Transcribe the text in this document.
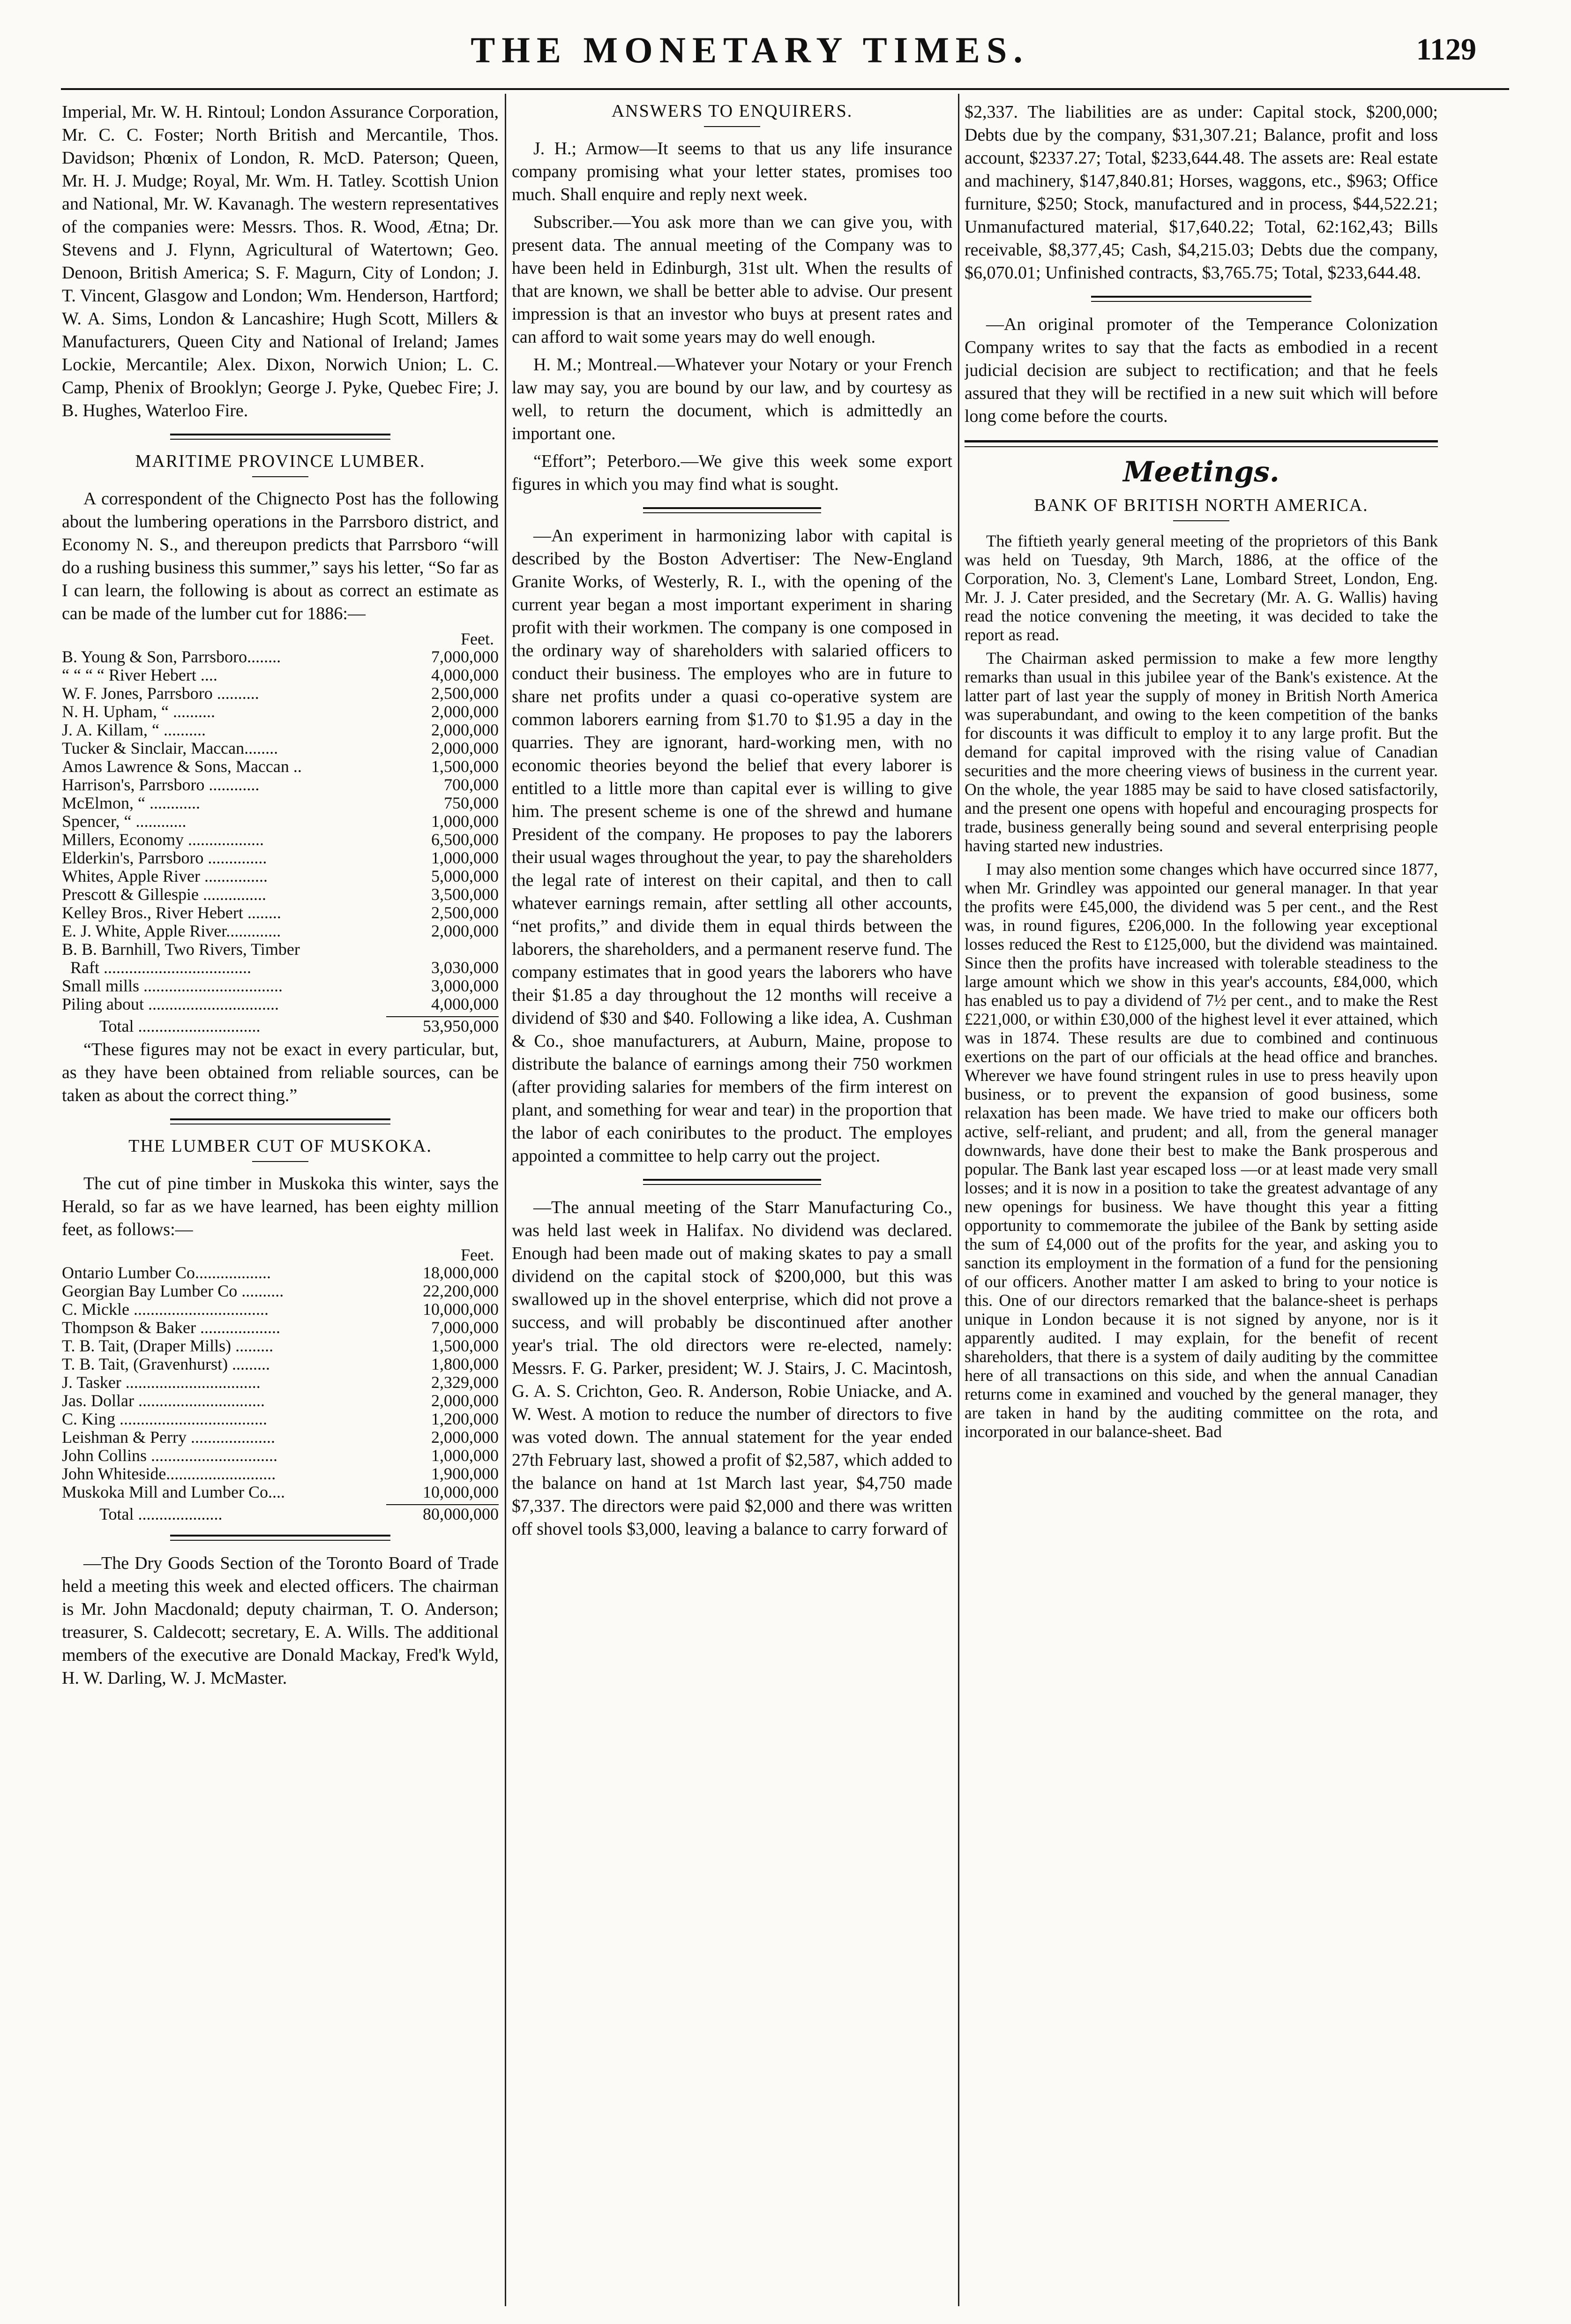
THE MONETARY TIMES.	1129

Imperial, Mr. W. H. Rintoul; London Assurance Corporation, Mr. C. C. Foster; North British and Mercantile, Thos. Davidson; Phœnix of London, R. McD. Paterson; Queen, Mr. H. J. Mudge; Royal, Mr. Wm. H. Tatley. Scottish Union and National, Mr. W. Kavanagh. The western representatives of the companies were: Messrs. Thos. R. Wood, Ætna; Dr. Stevens and J. Flynn, Agricultural of Watertown; Geo. Denoon, British America; S. F. Magurn, City of London; J. T. Vincent, Glasgow and London; Wm. Henderson, Hartford; W. A. Sims, London & Lancashire; Hugh Scott, Millers & Manufacturers, Queen City and National of Ireland; James Lockie, Mercantile; Alex. Dixon, Norwich Union; L. C. Camp, Phenix of Brooklyn; George J. Pyke, Quebec Fire; J. B. Hughes, Waterloo Fire.

MARITIME PROVINCE LUMBER.

A correspondent of the Chignecto Post has the following about the lumbering operations in the Parrsboro district, and Economy N. S., and thereupon predicts that Parrsboro “will do a rushing business this summer,” says his letter, “So far as I can learn, the following is about as correct an estimate as can be made of the lumber cut for 1886:—

Feet.
B. Young & Son, Parrsboro........	7,000,000
“ “ “ “ River Hebert ....	4,000,000
W. F. Jones, Parrsboro ..........	2,500,000
N. H. Upham, “ ..........	2,000,000
J. A. Killam, “ ..........	2,000,000
Tucker & Sinclair, Maccan........	2,000,000
Amos Lawrence & Sons, Maccan ..	1,500,000
Harrison's, Parrsboro ............	700,000
McElmon, “ ............	750,000
Spencer, “ ............	1,000,000
Millers, Economy ..................	6,500,000
Elderkin's, Parrsboro ..............	1,000,000
Whites, Apple River ...............	5,000,000
Prescott & Gillespie ...............	3,500,000
Kelley Bros., River Hebert ........	2,500,000
E. J. White, Apple River.............	2,000,000
B. B. Barnhill, Two Rivers, Timber	
Raft ...................................	3,030,000
Small mills .................................	3,000,000
Piling about ...............................	4,000,000
Total .............................	53,950,000

“These figures may not be exact in every particular, but, as they have been obtained from reliable sources, can be taken as about the correct thing.”

THE LUMBER CUT OF MUSKOKA.

The cut of pine timber in Muskoka this winter, says the Herald, so far as we have learned, has been eighty million feet, as follows:—

Feet.
Ontario Lumber Co..................	18,000,000
Georgian Bay Lumber Co ..........	22,200,000
C. Mickle ................................	10,000,000
Thompson & Baker ...................	7,000,000
T. B. Tait, (Draper Mills) .........	1,500,000
T. B. Tait, (Gravenhurst) .........	1,800,000
J. Tasker ................................	2,329,000
Jas. Dollar ..............................	2,000,000
C. King ...................................	1,200,000
Leishman & Perry ....................	2,000,000
John Collins ..............................	1,000,000
John Whiteside..........................	1,900,000
Muskoka Mill and Lumber Co....	10,000,000
Total ....................	80,000,000

—The Dry Goods Section of the Toronto Board of Trade held a meeting this week and elected officers. The chairman is Mr. John Macdonald; deputy chairman, T. O. Anderson; treasurer, S. Caldecott; secretary, E. A. Wills. The additional members of the executive are Donald Mackay, Fred'k Wyld, H. W. Darling, W. J. McMaster.

ANSWERS TO ENQUIRERS.

J. H.; Armow—It seems to that us any life insurance company promising what your letter states, promises too much. Shall enquire and reply next week.

Subscriber.—You ask more than we can give you, with present data. The annual meeting of the Company was to have been held in Edinburgh, 31st ult. When the results of that are known, we shall be better able to advise. Our present impression is that an investor who buys at present rates and can afford to wait some years may do well enough.

H. M.; Montreal.—Whatever your Notary or your French law may say, you are bound by our law, and by courtesy as well, to return the document, which is admittedly an important one.

“Effort”; Peterboro.—We give this week some export figures in which you may find what is sought.

—An experiment in harmonizing labor with capital is described by the Boston Advertiser: The New-England Granite Works, of Westerly, R. I., with the opening of the current year began a most important experiment in sharing profit with their workmen. The company is one composed in the ordinary way of shareholders with salaried officers to conduct their business. The employes who are in future to share net profits under a quasi co-operative system are common laborers earning from $1.70 to $1.95 a day in the quarries. They are ignorant, hard-working men, with no economic theories beyond the belief that every laborer is entitled to a little more than capital ever is willing to give him. The present scheme is one of the shrewd and humane President of the company. He proposes to pay the laborers their usual wages throughout the year, to pay the shareholders the legal rate of interest on their capital, and then to call whatever earnings remain, after settling all other accounts, “net profits,” and divide them in equal thirds between the laborers, the shareholders, and a permanent reserve fund. The company estimates that in good years the laborers who have their $1.85 a day throughout the 12 months will receive a dividend of $30 and $40. Following a like idea, A. Cushman & Co., shoe manufacturers, at Auburn, Maine, propose to distribute the balance of earnings among their 750 workmen (after providing salaries for members of the firm interest on plant, and something for wear and tear) in the proportion that the labor of each coniributes to the product. The employes appointed a committee to help carry out the project.

—The annual meeting of the Starr Manufacturing Co., was held last week in Halifax. No dividend was declared. Enough had been made out of making skates to pay a small dividend on the capital stock of $200,000, but this was swallowed up in the shovel enterprise, which did not prove a success, and will probably be discontinued after another year's trial. The old directors were re-elected, namely: Messrs. F. G. Parker, president; W. J. Stairs, J. C. Macintosh, G. A. S. Crichton, Geo. R. Anderson, Robie Uniacke, and A. W. West. A motion to reduce the number of directors to five was voted down. The annual statement for the year ended 27th February last, showed a profit of $2,587, which added to the balance on hand at 1st March last year, $4,750 made $7,337. The directors were paid $2,000 and there was written off shovel tools $3,000, leaving a balance to carry forward of

$2,337. The liabilities are as under: Capital stock, $200,000; Debts due by the company, $31,307.21; Balance, profit and loss account, $2337.27; Total, $233,644.48. The assets are: Real estate and machinery, $147,840.81; Horses, waggons, etc., $963; Office furniture, $250; Stock, manufactured and in process, $44,522.21; Unmanufactured material, $17,640.22; Total, 62:162,43; Bills receivable, $8,377,45; Cash, $4,215.03; Debts due the company, $6,070.01; Unfinished contracts, $3,765.75; Total, $233,644.48.

—An original promoter of the Temperance Colonization Company writes to say that the facts as embodied in a recent judicial decision are subject to rectification; and that he feels assured that they will be rectified in a new suit which will before long come before the courts.

Meetings.
BANK OF BRITISH NORTH AMERICA.

The fiftieth yearly general meeting of the proprietors of this Bank was held on Tuesday, 9th March, 1886, at the office of the Corporation, No. 3, Clement's Lane, Lombard Street, London, Eng. Mr. J. J. Cater presided, and the Secretary (Mr. A. G. Wallis) having read the notice convening the meeting, it was decided to take the report as read.

The Chairman asked permission to make a few more lengthy remarks than usual in this jubilee year of the Bank's existence. At the latter part of last year the supply of money in British North America was superabundant, and owing to the keen competition of the banks for discounts it was difficult to employ it to any large profit. But the demand for capital improved with the rising value of Canadian securities and the more cheering views of business in the current year. On the whole, the year 1885 may be said to have closed satisfactorily, and the present one opens with hopeful and encouraging prospects for trade, business generally being sound and several enterprising people having started new industries.

I may also mention some changes which have occurred since 1877, when Mr. Grindley was appointed our general manager. In that year the profits were £45,000, the dividend was 5 per cent., and the Rest was, in round figures, £206,000. In the following year exceptional losses reduced the Rest to £125,000, but the dividend was maintained. Since then the profits have increased with tolerable steadiness to the large amount which we show in this year's accounts, £84,000, which has enabled us to pay a dividend of 7½ per cent., and to make the Rest £221,000, or within £30,000 of the highest level it ever attained, which was in 1874. These results are due to combined and continuous exertions on the part of our officials at the head office and branches. Wherever we have found stringent rules in use to press heavily upon business, or to prevent the expansion of good business, some relaxation has been made. We have tried to make our officers both active, self-reliant, and prudent; and all, from the general manager downwards, have done their best to make the Bank prosperous and popular. The Bank last year escaped loss —or at least made very small losses; and it is now in a position to take the greatest advantage of any new openings for business. We have thought this year a fitting opportunity to commemorate the jubilee of the Bank by setting aside the sum of £4,000 out of the profits for the year, and asking you to sanction its employment in the formation of a fund for the pensioning of our officers. Another matter I am asked to bring to your notice is this. One of our directors remarked that the balance-sheet is perhaps unique in London because it is not signed by anyone, nor is it apparently audited. I may explain, for the benefit of recent shareholders, that there is a system of daily auditing by the committee here of all transactions on this side, and when the annual Canadian returns come in examined and vouched by the general manager, they are taken in hand by the auditing committee on the rota, and incorporated in our balance-sheet. Bad
